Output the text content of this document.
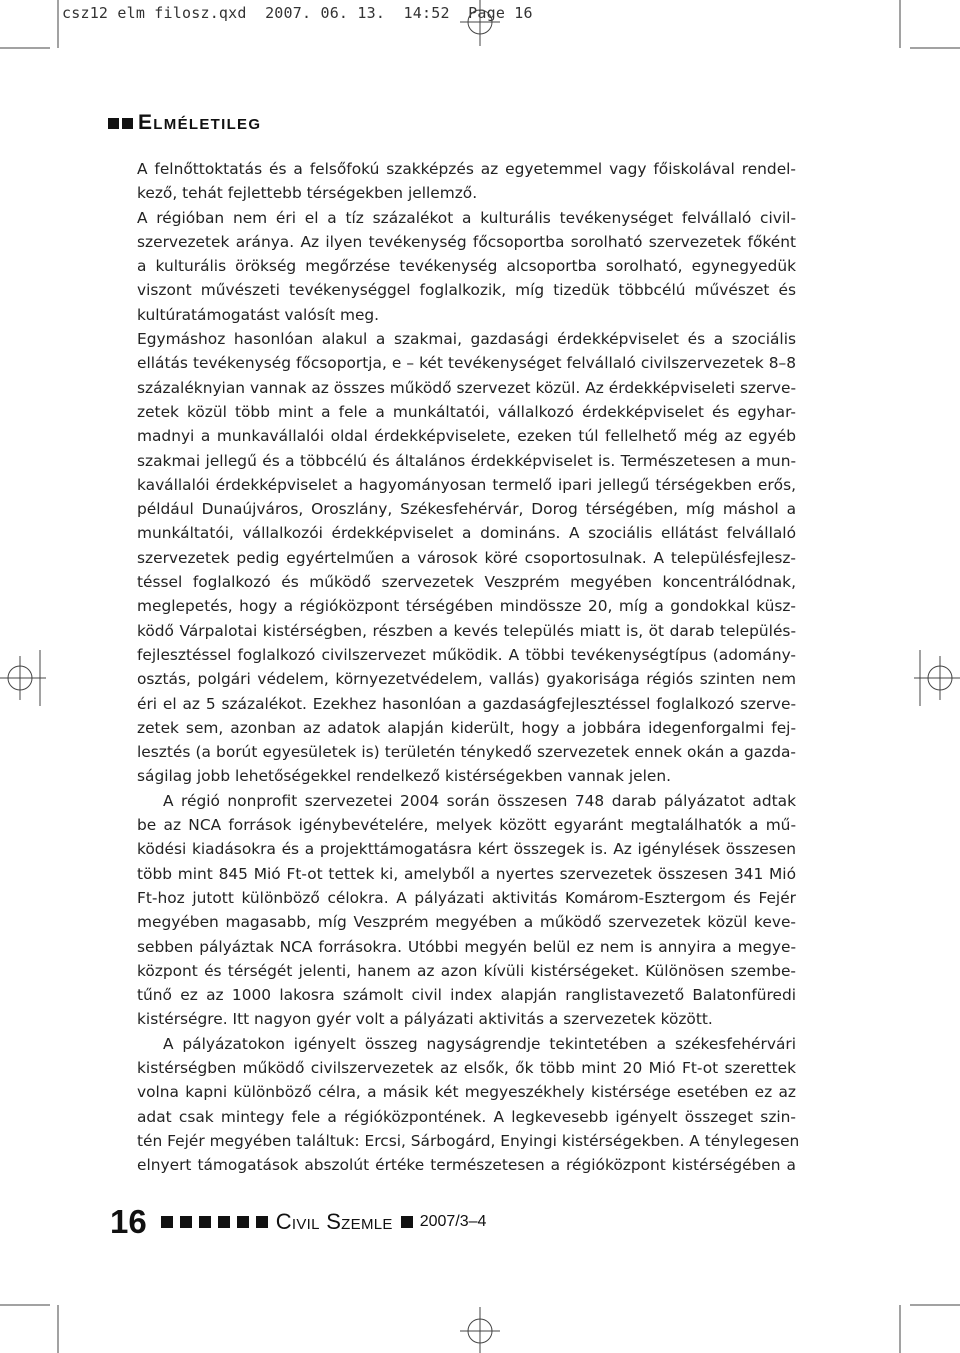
csz12 elm filosz.qxd  2007. 06. 13.  14:52  Page 16
Elméletileg
A felnőttoktatás és a felsőfokú szakképzés az egyetemmel vagy főiskolával rendel-
kező, tehát fejlettebb térségekben jellemző.
A régióban nem éri el a tíz százalékot a kulturális tevékenységet felvállaló civil-
szervezetek aránya. Az ilyen tevékenység főcsoportba sorolható szervezetek főként
a kulturális örökség megőrzése tevékenység alcsoportba sorolható, egynegyedük
viszont művészeti tevékenységgel foglalkozik, míg tizedük többcélú művészet és
kultúratámogatást valósít meg.
Egymáshoz hasonlóan alakul a szakmai, gazdasági érdekképviselet és a szociális
ellátás tevékenység főcsoportja, e – két tevékenységet felvállaló civilszervezetek 8–8
százaléknyian vannak az összes működő szervezet közül. Az érdekképviseleti szerve-
zetek közül több mint a fele a munkáltatói, vállalkozó érdekképviselet és egyhar-
madnyi a munkavállalói oldal érdekképviselete, ezeken túl fellelhető még az egyéb
szakmai jellegű és a többcélú és általános érdekképviselet is. Természetesen a mun-
kavállalói érdekképviselet a hagyományosan termelő ipari jellegű térségekben erős,
például Dunaújváros, Oroszlány, Székesfehérvár, Dorog térségében, míg máshol a
munkáltatói, vállalkozói érdekképviselet a domináns. A szociális ellátást felvállaló
szervezetek pedig egyértelműen a városok köré csoportosulnak. A településfejlesz-
téssel foglalkozó és működő szervezetek Veszprém megyében koncentrálódnak,
meglepetés, hogy a régióközpont térségében mindössze 20, míg a gondokkal küsz-
ködő Várpalotai kistérségben, részben a kevés település miatt is, öt darab település-
fejlesztéssel foglalkozó civilszervezet működik. A többi tevékenységtípus (adomány-
osztás, polgári védelem, környezetvédelem, vallás) gyakorisága régiós szinten nem
éri el az 5 százalékot. Ezekhez hasonlóan a gazdaságfejlesztéssel foglalkozó szerve-
zetek sem, azonban az adatok alapján kiderült, hogy a jobbára idegenforgalmi fej-
lesztés (a borút egyesületek is) területén ténykedő szervezetek ennek okán a gazda-
ságilag jobb lehetőségekkel rendelkező kistérségekben vannak jelen.
A régió nonprofit szervezetei 2004 során összesen 748 darab pályázatot adtak
be az NCA források igénybevételére, melyek között egyaránt megtalálhatók a mű-
ködési kiadásokra és a projekttámogatásra kért összegek is. Az igénylések összesen
több mint 845 Mió Ft-ot tettek ki, amelyből a nyertes szervezetek összesen 341 Mió
Ft-hoz jutott különböző célokra. A pályázati aktivitás Komárom-Esztergom és Fejér
megyében magasabb, míg Veszprém megyében a működő szervezetek közül keve-
sebben pályáztak NCA forrásokra. Utóbbi megyén belül ez nem is annyira a megye-
központ és térségét jelenti, hanem az azon kívüli kistérségeket. Különösen szembe-
tűnő ez az 1000 lakosra számolt civil index alapján ranglistavezető Balatonfüredi
kistérségre. Itt nagyon gyér volt a pályázati aktivitás a szervezetek között.
A pályázatokon igényelt összeg nagyságrendje tekintetében a székesfehérvári
kistérségben működő civilszervezetek az elsők, ők több mint 20 Mió Ft-ot szerettek
volna kapni különböző célra, a másik két megyeszékhely kistérsége esetében ez az
adat csak mintegy fele a régióközpontének. A legkevesebb igényelt összeget szin-
tén Fejér megyében találtuk: Ercsi, Sárbogárd, Enyingi kistérségekben. A ténylegesen
elnyert támogatások abszolút értéke természetesen a régióközpont kistérségében a
16	Civil Szemle 2007/3–4
